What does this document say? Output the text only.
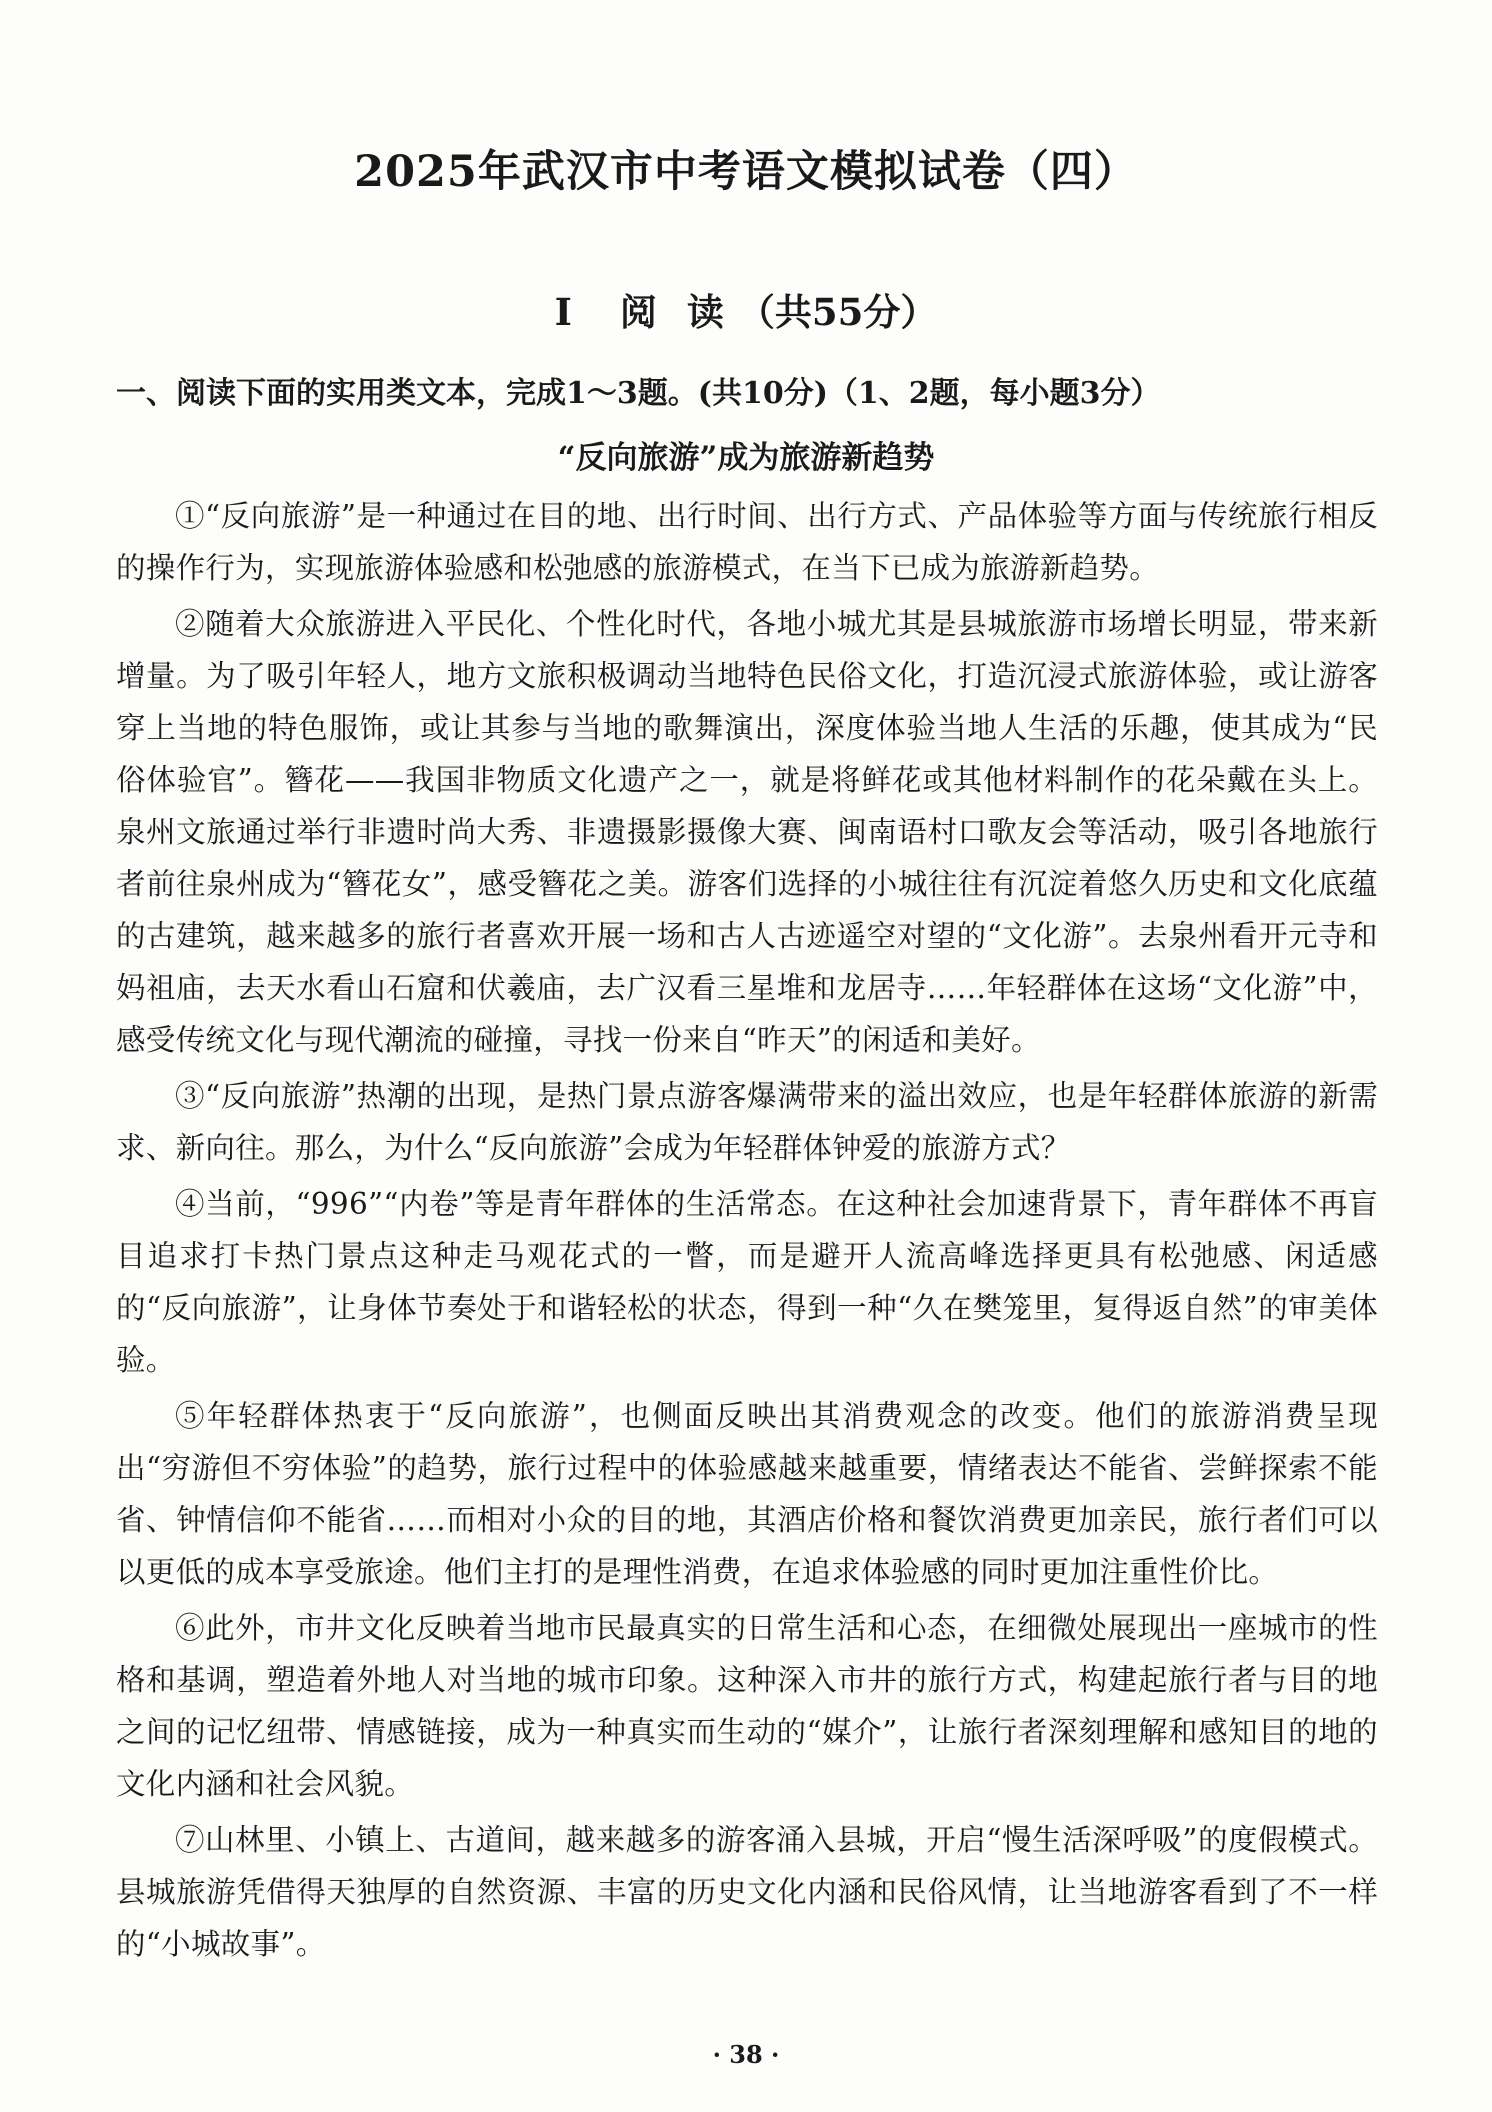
2025年武汉市中考语文模拟试卷（四）
I 阅 读 （共55分）
一、阅读下面的实用类文本，完成1～3题。(共10分)（1、2题，每小题3分）
“反向旅游”成为旅游新趋势

①“反向旅游”是一种通过在目的地、出行时间、出行方式、产品体验等方面与传统旅行相反的操作行为，实现旅游体验感和松弛感的旅游模式，在当下已成为旅游新趋势。

②随着大众旅游进入平民化、个性化时代，各地小城尤其是县城旅游市场增长明显，带来新增量。为了吸引年轻人，地方文旅积极调动当地特色民俗文化，打造沉浸式旅游体验，或让游客穿上当地的特色服饰，或让其参与当地的歌舞演出，深度体验当地人生活的乐趣，使其成为“民俗体验官”。簪花——我国非物质文化遗产之一，就是将鲜花或其他材料制作的花朵戴在头上。泉州文旅通过举行非遗时尚大秀、非遗摄影摄像大赛、闽南语村口歌友会等活动，吸引各地旅行者前往泉州成为“簪花女”，感受簪花之美。游客们选择的小城往往有沉淀着悠久历史和文化底蕴的古建筑，越来越多的旅行者喜欢开展一场和古人古迹遥空对望的“文化游”。去泉州看开元寺和妈祖庙，去天水看山石窟和伏羲庙，去广汉看三星堆和龙居寺……年轻群体在这场“文化游”中，感受传统文化与现代潮流的碰撞，寻找一份来自“昨天”的闲适和美好。

③“反向旅游”热潮的出现，是热门景点游客爆满带来的溢出效应，也是年轻群体旅游的新需求、新向往。那么，为什么“反向旅游”会成为年轻群体钟爱的旅游方式？

④当前，“996”“内卷”等是青年群体的生活常态。在这种社会加速背景下，青年群体不再盲目追求打卡热门景点这种走马观花式的一瞥，而是避开人流高峰选择更具有松弛感、闲适感的“反向旅游”，让身体节奏处于和谐轻松的状态，得到一种“久在樊笼里，复得返自然”的审美体验。

⑤年轻群体热衷于“反向旅游”，也侧面反映出其消费观念的改变。他们的旅游消费呈现出“穷游但不穷体验”的趋势，旅行过程中的体验感越来越重要，情绪表达不能省、尝鲜探索不能省、钟情信仰不能省……而相对小众的目的地，其酒店价格和餐饮消费更加亲民，旅行者们可以以更低的成本享受旅途。他们主打的是理性消费，在追求体验感的同时更加注重性价比。

⑥此外，市井文化反映着当地市民最真实的日常生活和心态，在细微处展现出一座城市的性格和基调，塑造着外地人对当地的城市印象。这种深入市井的旅行方式，构建起旅行者与目的地之间的记忆纽带、情感链接，成为一种真实而生动的“媒介”，让旅行者深刻理解和感知目的地的文化内涵和社会风貌。

⑦山林里、小镇上、古道间，越来越多的游客涌入县城，开启“慢生活深呼吸”的度假模式。县城旅游凭借得天独厚的自然资源、丰富的历史文化内涵和民俗风情，让当地游客看到了不一样的“小城故事”。

· 38 ·
